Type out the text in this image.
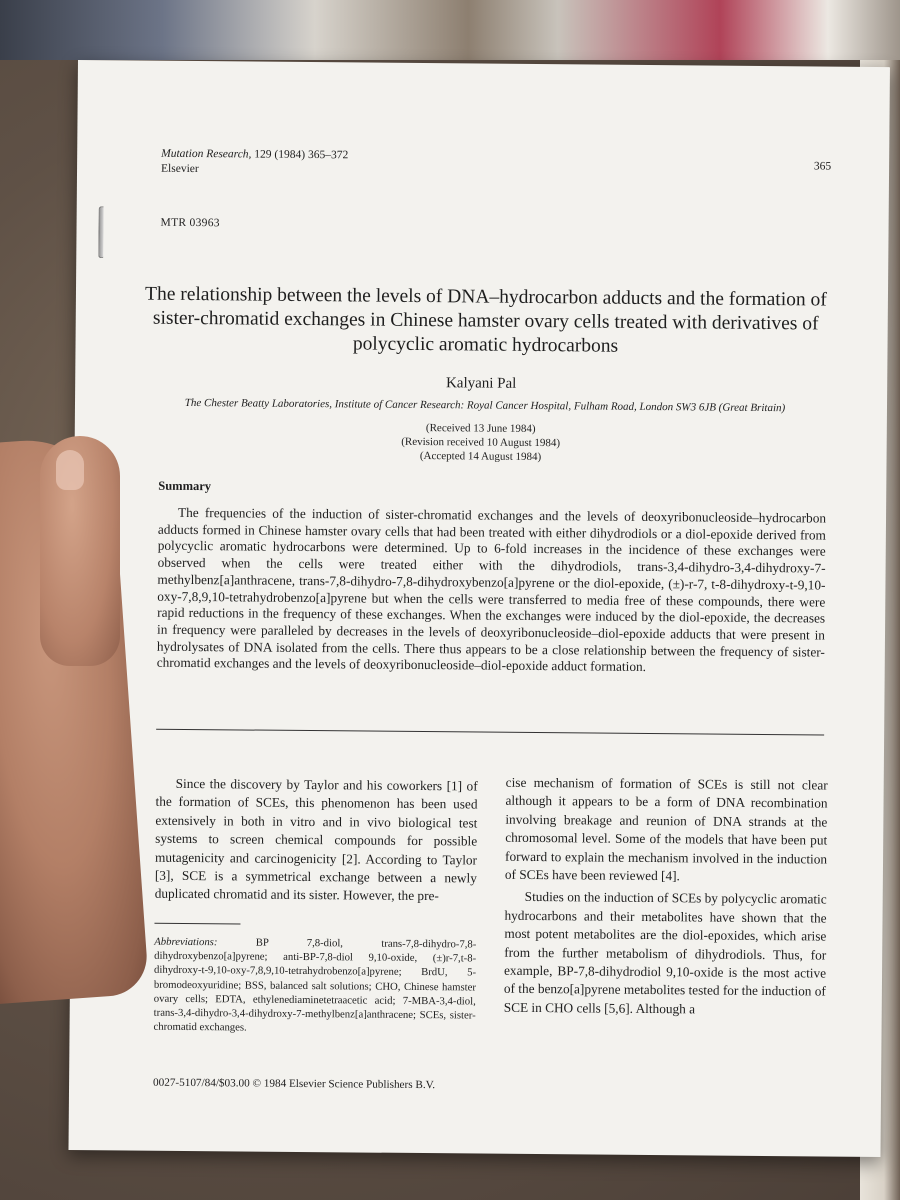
Mutation Research, 129 (1984) 365–372
Elsevier	365
MTR 03963
The relationship between the levels of DNA–hydrocarbon adducts and the formation of sister-chromatid exchanges in Chinese hamster ovary cells treated with derivatives of polycyclic aromatic hydrocarbons
Kalyani Pal
The Chester Beatty Laboratories, Institute of Cancer Research: Royal Cancer Hospital, Fulham Road, London SW3 6JB (Great Britain)
(Received 13 June 1984)
(Revision received 10 August 1984)
(Accepted 14 August 1984)
Summary

The frequencies of the induction of sister-chromatid exchanges and the levels of deoxyribonucleoside–hydrocarbon adducts formed in Chinese hamster ovary cells that had been treated with either dihydrodiols or a diol-epoxide derived from polycyclic aromatic hydrocarbons were determined. Up to 6-fold increases in the incidence of these exchanges were observed when the cells were treated either with the dihydrodiols, trans-3,4-dihydro-3,4-dihydroxy-7-methylbenz[a]anthracene, trans-7,8-dihydro-7,8-dihydroxybenzo[a]pyrene or the diol-epoxide, (±)-r-7, t-8-dihydroxy-t-9,10-oxy-7,8,9,10-tetrahydrobenzo[a]pyrene but when the cells were transferred to media free of these compounds, there were rapid reductions in the frequency of these exchanges. When the exchanges were induced by the diol-epoxide, the decreases in frequency were paralleled by decreases in the levels of deoxyribonucleoside–diol-epoxide adducts that were present in hydrolysates of DNA isolated from the cells. There thus appears to be a close relationship between the frequency of sister-chromatid exchanges and the levels of deoxyribonucleoside–diol-epoxide adduct formation.

Since the discovery by Taylor and his coworkers [1] of the formation of SCEs, this phenomenon has been used extensively in both in vitro and in vivo biological test systems to screen chemical compounds for possible mutagenicity and carcinogenicity [2]. According to Taylor [3], SCE is a symmetrical exchange between a newly duplicated chromatid and its sister. However, the pre-

cise mechanism of formation of SCEs is still not clear although it appears to be a form of DNA recombination involving breakage and reunion of DNA strands at the chromosomal level. Some of the models that have been put forward to explain the mechanism involved in the induction of SCEs have been reviewed [4].

Studies on the induction of SCEs by polycyclic aromatic hydrocarbons and their metabolites have shown that the most potent metabolites are the diol-epoxides, which arise from the further metabolism of dihydrodiols. Thus, for example, BP-7,8-dihydrodiol 9,10-oxide is the most active of the benzo[a]pyrene metabolites tested for the induction of SCE in CHO cells [5,6]. Although a

Abbreviations:	BP 7,8-diol, trans-7,8-dihydro-7,8-dihydroxybenzo[a]pyrene; anti-BP-7,8-diol 9,10-oxide, (±)r-7,t-8-dihydroxy-t-9,10-oxy-7,8,9,10-tetrahydrobenzo[a]pyrene; BrdU, 5-bromodeoxyuridine; BSS, balanced salt solutions; CHO, Chinese hamster ovary cells; EDTA, ethylenediaminetetraacetic acid; 7-MBA-3,4-diol, trans-3,4-dihydro-3,4-dihydroxy-7-methylbenz[a]anthracene; SCEs, sister-chromatid exchanges.

0027-5107/84/$03.00 © 1984 Elsevier Science Publishers B.V.
